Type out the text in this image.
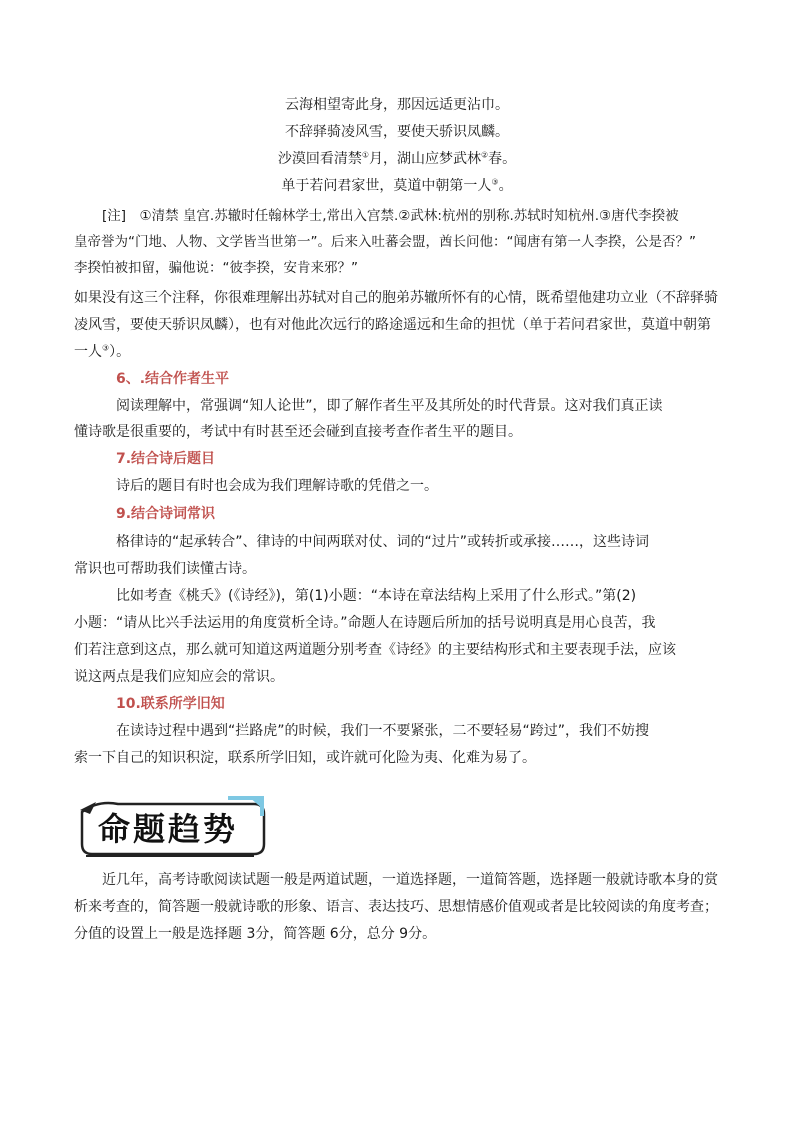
云海相望寄此身，那因远适更沾巾。
不辞驿骑凌风雪，要使天骄识凤麟。
沙漠回看清禁①月，湖山应梦武林②春。
单于若问君家世，莫道中朝第一人③。
[注]　①清禁 皇宫.苏辙时任翰林学士,常出入宫禁.②武林:杭州的别称.苏轼时知杭州.③唐代李揆被
皇帝誉为“门地、人物、文学皆当世第一”。后来入吐蕃会盟，酋长问他：“闻唐有第一人李揆，公是否？”
李揆怕被扣留，骗他说：“彼李揆，安肯来邪？”
如果没有这三个注释，你很难理解出苏轼对自己的胞弟苏辙所怀有的心情，既希望他建功立业（不辞驿骑
凌风雪，要使天骄识凤麟），也有对他此次远行的路途遥远和生命的担忧（单于若问君家世，莫道中朝第
一人③）。
6、.结合作者生平
阅读理解中，常强调“知人论世”，即了解作者生平及其所处的时代背景。这对我们真正读
懂诗歌是很重要的，考试中有时甚至还会碰到直接考查作者生平的题目。
7.结合诗后题目
诗后的题目有时也会成为我们理解诗歌的凭借之一。
9.结合诗词常识
格律诗的“起承转合”、律诗的中间两联对仗、词的“过片”或转折或承接……，这些诗词
常识也可帮助我们读懂古诗。
比如考查《桃夭》(《诗经》)，第(1)小题：“本诗在章法结构上采用了什么形式。”第(2)
小题：“请从比兴手法运用的角度赏析全诗。”命题人在诗题后所加的括号说明真是用心良苦，我
们若注意到这点，那么就可知道这两道题分别考查《诗经》的主要结构形式和主要表现手法，应该
说这两点是我们应知应会的常识。
10.联系所学旧知
在读诗过程中遇到“拦路虎”的时候，我们一不要紧张，二不要轻易“跨过”，我们不妨搜
索一下自己的知识积淀，联系所学旧知，或许就可化险为夷、化难为易了。
命题趋势
近几年，高考诗歌阅读试题一般是两道试题，一道选择题，一道简答题，选择题一般就诗歌本身的赏
析来考查的，简答题一般就诗歌的形象、语言、表达技巧、思想情感价值观或者是比较阅读的角度考查；
分值的设置上一般是选择题 3分，简答题 6分，总分 9分。
